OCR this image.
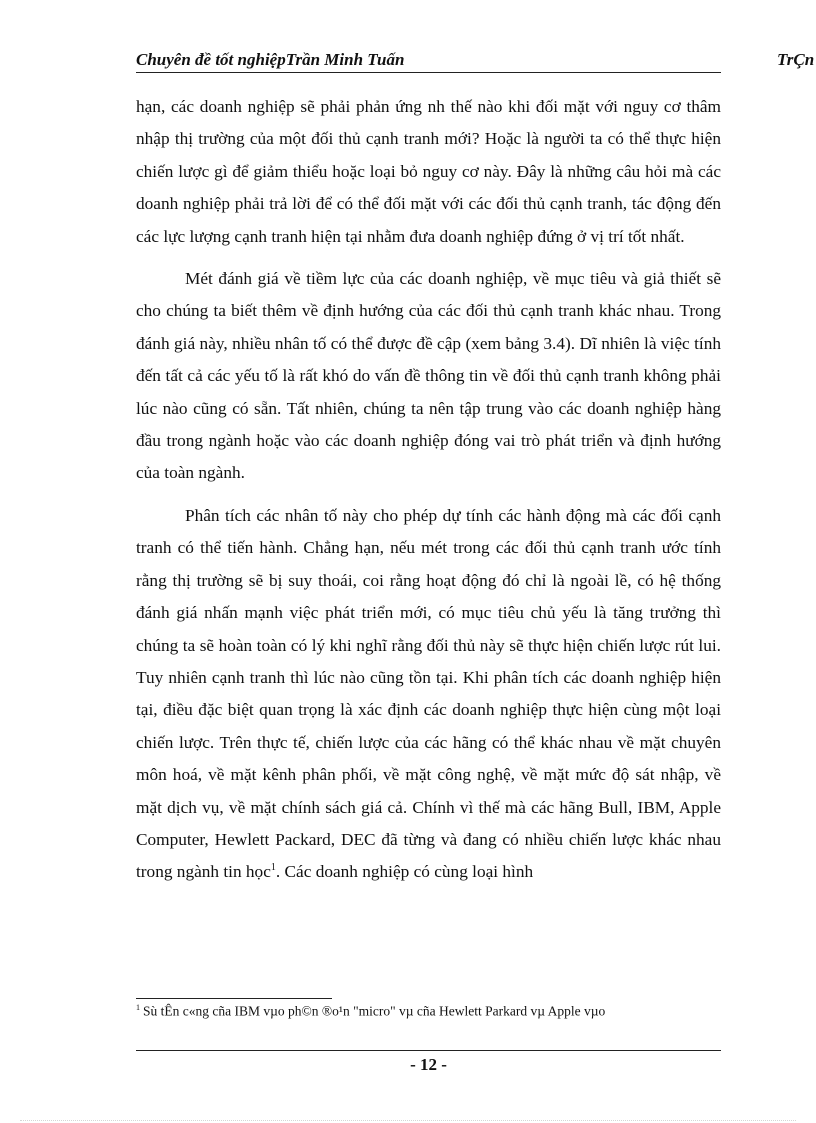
Chuyên đề tốt nghiệpTrần Minh Tuấn	TrÇn

hạn, các doanh nghiệp sẽ phải phản ứng nh thế nào khi đối mặt với nguy cơ thâm nhập thị trường của một đối thủ cạnh tranh mới? Hoặc là người ta có thể thực hiện chiến lược gì để giảm thiểu hoặc loại bỏ nguy cơ này. Đây là những câu hỏi mà các doanh nghiệp phải trả lời để có thể đối mặt với các đối thủ cạnh tranh, tác động đến các lực lượng cạnh tranh hiện tại nhằm đưa doanh nghiệp đứng ở vị trí tốt nhất.

Mét đánh giá về tiềm lực của các doanh nghiệp, về mục tiêu và giả thiết sẽ cho chúng ta biết thêm về định hướng của các đối thủ cạnh tranh khác nhau. Trong đánh giá này, nhiều nhân tố có thể được đề cập (xem bảng 3.4). Dĩ nhiên là việc tính đến tất cả các yếu tố là rất khó do vấn đề thông tin về đối thủ cạnh tranh không phải lúc nào cũng có sẵn. Tất nhiên, chúng ta nên tập trung vào các doanh nghiệp hàng đầu trong ngành hoặc vào các doanh nghiệp đóng vai trò phát triển và định hướng của toàn ngành.

Phân tích các nhân tố này cho phép dự tính các hành động mà các đối cạnh tranh có thể tiến hành. Chẳng hạn, nếu mét trong các đối thủ cạnh tranh ước tính rằng thị trường sẽ bị suy thoái, coi rằng hoạt động đó chỉ là ngoài lề, có hệ thống đánh giá nhấn mạnh việc phát triển mới, có mục tiêu chủ yếu là tăng trưởng thì chúng ta sẽ hoàn toàn có lý khi nghĩ rằng đối thủ này sẽ thực hiện chiến lược rút lui. Tuy nhiên cạnh tranh thì lúc nào cũng tồn tại. Khi phân tích các doanh nghiệp hiện tại, điều đặc biệt quan trọng là xác định các doanh nghiệp thực hiện cùng một loại chiến lược. Trên thực tế, chiến lược của các hãng có thể khác nhau về mặt chuyên môn hoá, về mặt kênh phân phối, về mặt công nghệ, về mặt mức độ sát nhập, về mặt dịch vụ, về mặt chính sách giá cả. Chính vì thế mà các hãng Bull, IBM, Apple Computer, Hewlett Packard, DEC đã từng và đang có nhiều chiến lược khác nhau trong ngành tin học$^1$. Các doanh nghiệp có cùng loại hình

$^1$ Sù tÊn c«ng cña IBM vµo ph©n ®o¹n "micro" vµ cña Hewlett Parkard vµ Apple vµo
- 12 -
